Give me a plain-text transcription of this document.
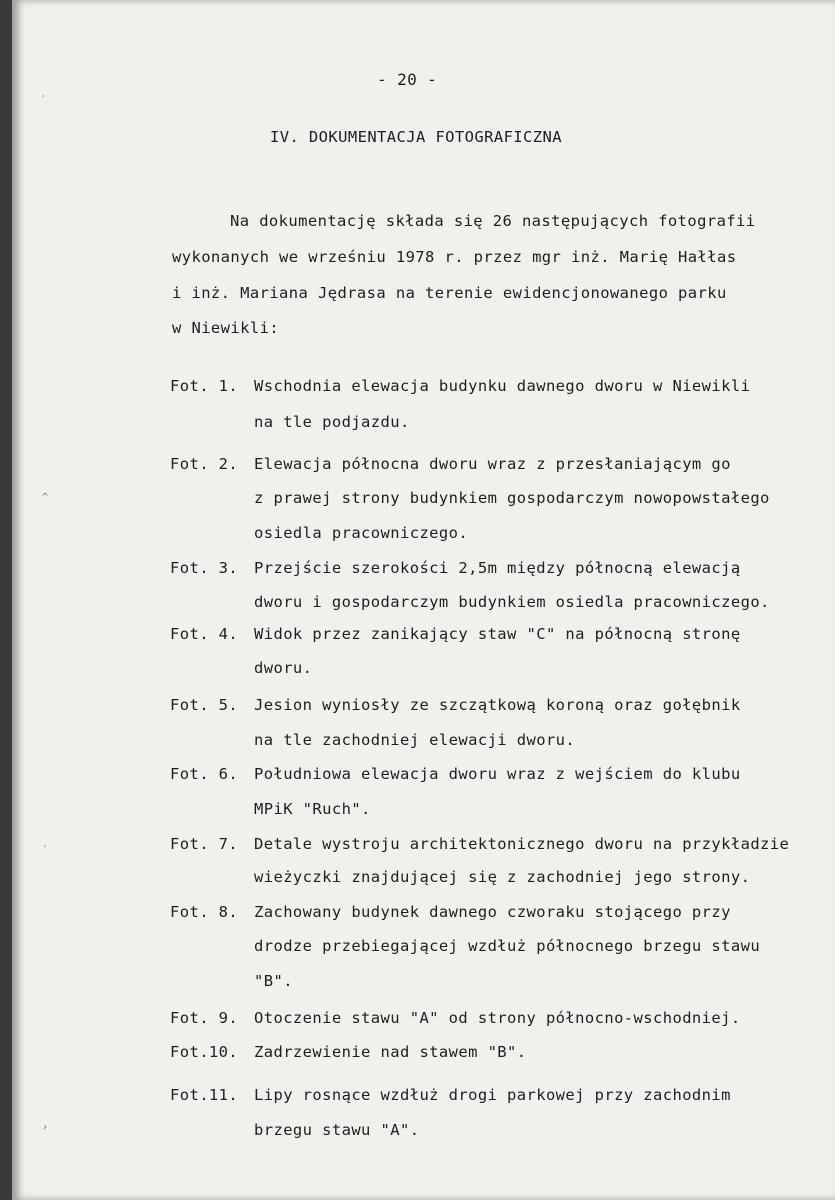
- 20 -
IV. DOKUMENTACJA FOTOGRAFICZNA
Na dokumentację składa się 26 następujących fotografii
wykonanych we wrześniu 1978 r. przez mgr inż. Marię Hałłas
i inż. Mariana Jędrasa na terenie ewidencjonowanego parku
w Niewikli:
Fot. 1. Wschodnia elewacja budynku dawnego dworu w Niewikli
na tle podjazdu.
Fot. 2. Elewacja północna dworu wraz z przesłaniającym go
z prawej strony budynkiem gospodarczym nowopowstałego
osiedla pracowniczego.
Fot. 3. Przejście szerokości 2,5m między północną elewacją
dworu i gospodarczym budynkiem osiedla pracowniczego.
Fot. 4. Widok przez zanikający staw "C" na północną stronę
dworu.
Fot. 5. Jesion wyniosły ze szczątkową koroną oraz gołębnik
na tle zachodniej elewacji dworu.
Fot. 6. Południowa elewacja dworu wraz z wejściem do klubu
MPiK "Ruch".
Fot. 7. Detale wystroju architektonicznego dworu na przykładzie
wieżyczki znajdującej się z zachodniej jego strony.
Fot. 8. Zachowany budynek dawnego czworaku stojącego przy
drodze przebiegającej wzdłuż północnego brzegu stawu
"B".
Fot. 9. Otoczenie stawu "A" od strony północno-wschodniej.
Fot.10. Zadrzewienie nad stawem "B".
Fot.11. Lipy rosnące wzdłuż drogi parkowej przy zachodnim
brzegu stawu "A".
ˌ
^
ˌ
›
